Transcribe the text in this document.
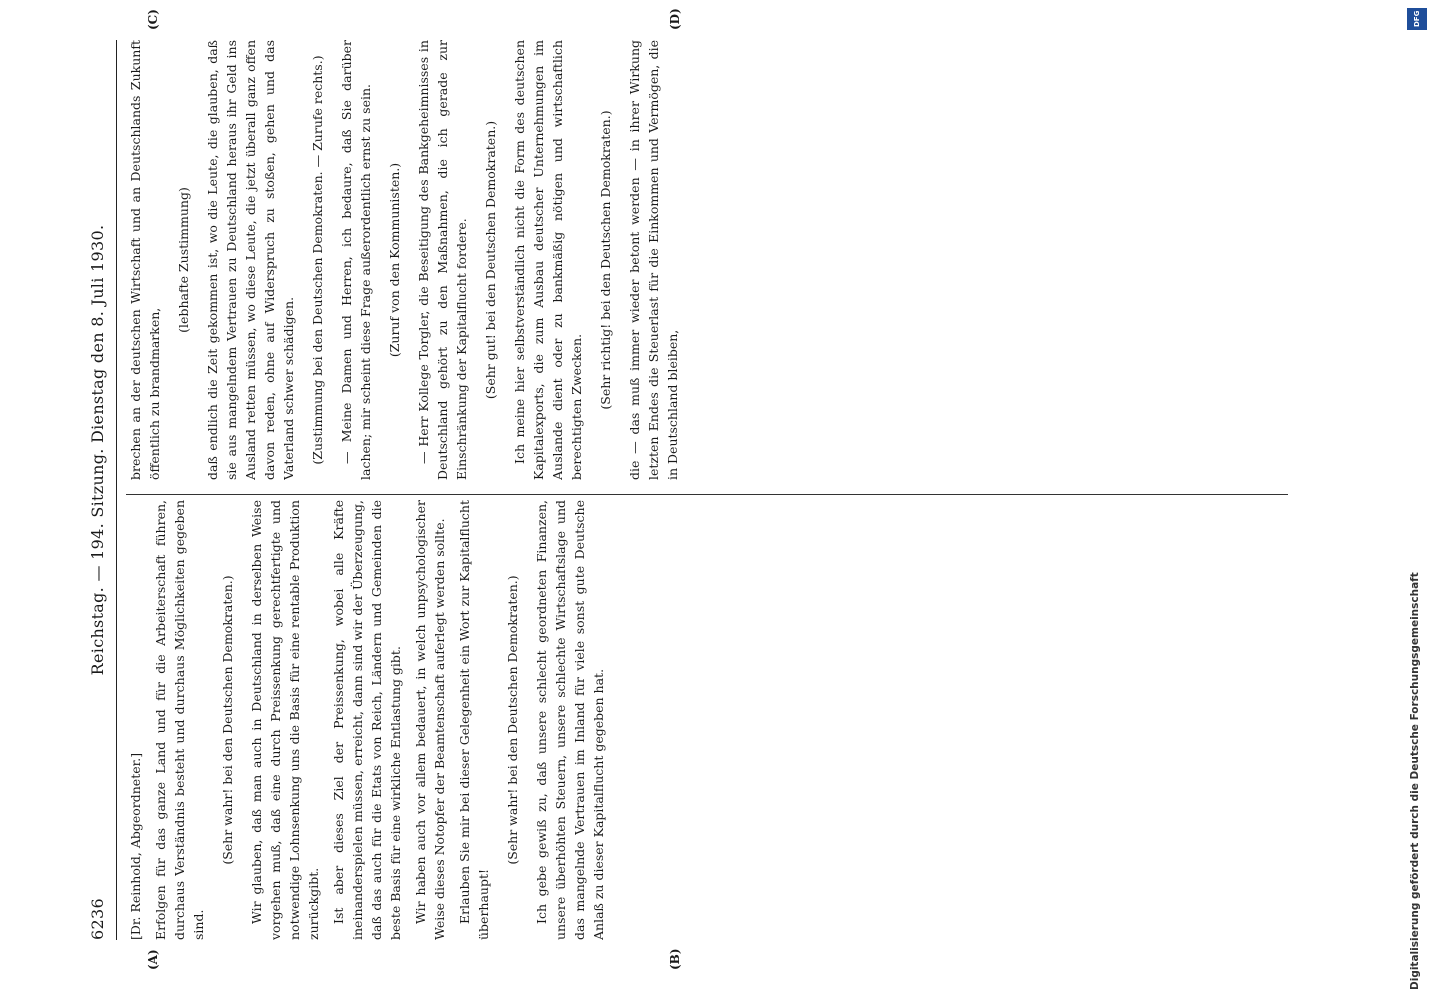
6236
Reichstag. — 194. Sitzung. Dienstag den 8. Juli 1930.
(A)	(B)
(C)	(D)

[Dr. Reinhold, Abgeordneter.] Erfolgen für das ganze Land und für die Arbeiterschaft führen, durchaus Verständnis besteht und durchaus Möglichkeiten gegeben sind.

(Sehr wahr! bei den Deutschen Demokraten.) Wir glauben, daß man auch in Deutschland in derselben Weise vorgehen muß, daß eine durch Preissenkung gerechtfertigte und notwendige Lohnsenkung uns die Basis für eine rentable Produktion zurückgibt. Ist aber dieses Ziel der Preissenkung, wobei alle Kräfte ineinanderspielen müssen, erreicht, dann sind wir der Überzeugung, daß das auch für die Etats von Reich, Ländern und Gemeinden die beste Basis für eine wirkliche Entlastung gibt. Wir haben auch vor allem bedauert, in welch unpsychologischer Weise dieses Notopfer der Beamtenschaft auferlegt werden sollte. Erlauben Sie mir bei dieser Gelegenheit ein Wort zur Kapitalflucht überhaupt!

(Sehr wahr! bei den Deutschen Demokraten.) Ich gebe gewiß zu, daß unsere schlecht geordneten Finanzen, unsere überhöhten Steuern, unsere schlechte Wirtschaftslage und das mangelnde Vertrauen im Inland für viele sonst gute Deutsche Anlaß zu dieser Kapitalflucht gegeben hat.

brechen an der deutschen Wirtschaft und an Deutschlands Zukunft öffentlich zu brandmarken,

(lebhafte Zustimmung) daß endlich die Zeit gekommen ist, wo die Leute, die glauben, daß sie aus mangelndem Vertrauen zu Deutschland heraus ihr Geld ins Ausland retten müssen, wo diese Leute, die jetzt überall ganz offen davon reden, ohne auf Widerspruch zu stoßen, gehen und das Vaterland schwer schädigen. (Zustimmung bei den Deutschen Demokraten. — Zurufe rechts.) — Meine Damen und Herren, ich bedaure, daß Sie darüber lachen; mir scheint diese Frage außerordentlich ernst zu sein. (Zuruf von den Kommunisten.) — Herr Kollege Torgler, die Beseitigung des Bankgeheimnisses in Deutschland gehört zu den Maßnahmen, die ich gerade zur Einschränkung der Kapitalflucht fordere. (Sehr gut! bei den Deutschen Demokraten.) Ich meine hier selbstverständlich nicht die Form des deutschen Kapitalexports, die zum Ausbau deutscher Unternehmungen im Auslande dient oder zu bankmäßig nötigen und wirtschaftlich berechtigten Zwecken. (Sehr richtig! bei den Deutschen Demokraten.) die — das muß immer wieder betont werden — in ihrer Wirkung letzten Endes die Steuerlast für die Einkommen und Vermögen, die in Deutschland bleiben,

DFG
Digitalisierung gefördert durch die Deutsche Forschungsgemeinschaft
